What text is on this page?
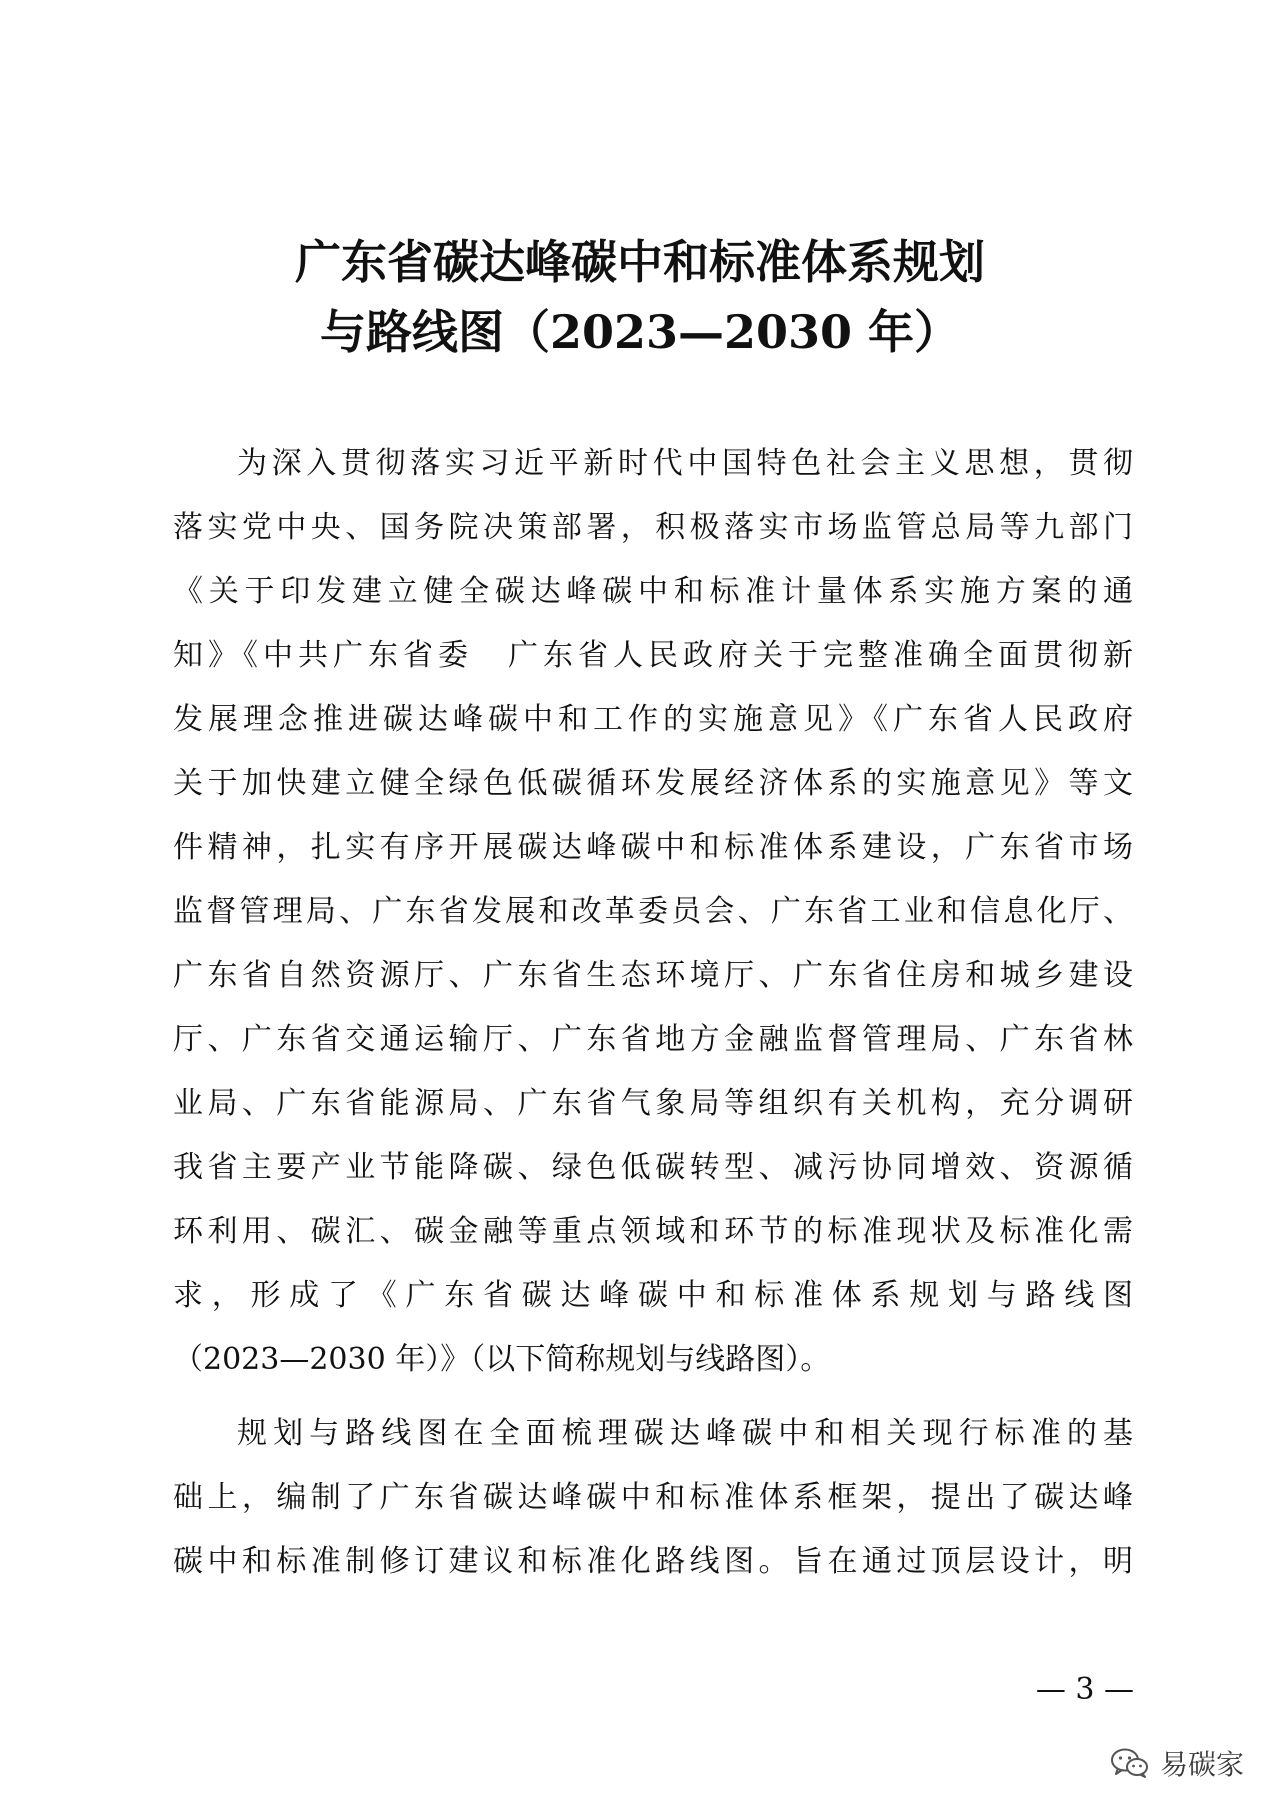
广东省碳达峰碳中和标准体系规划
与路线图（2023—2030 年）
为深入贯彻落实习近平新时代中国特色社会主义思想，贯彻
落实党中央、国务院决策部署，积极落实市场监管总局等九部门
《关于印发建立健全碳达峰碳中和标准计量体系实施方案的通
知》《中共广东省委　广东省人民政府关于完整准确全面贯彻新
发展理念推进碳达峰碳中和工作的实施意见》《广东省人民政府
关于加快建立健全绿色低碳循环发展经济体系的实施意见》等文
件精神，扎实有序开展碳达峰碳中和标准体系建设，广东省市场
监督管理局、广东省发展和改革委员会、广东省工业和信息化厅、
广东省自然资源厅、广东省生态环境厅、广东省住房和城乡建设
厅、广东省交通运输厅、广东省地方金融监督管理局、广东省林
业局、广东省能源局、广东省气象局等组织有关机构，充分调研
我省主要产业节能降碳、绿色低碳转型、减污协同增效、资源循
环利用、碳汇、碳金融等重点领域和环节的标准现状及标准化需
求，形成了《广东省碳达峰碳中和标准体系规划与路线图
（2023—2030 年）》（以下简称规划与线路图）。
规划与路线图在全面梳理碳达峰碳中和相关现行标准的基
础上，编制了广东省碳达峰碳中和标准体系框架，提出了碳达峰
碳中和标准制修订建议和标准化路线图。旨在通过顶层设计，明
— 3 —
易碳家
